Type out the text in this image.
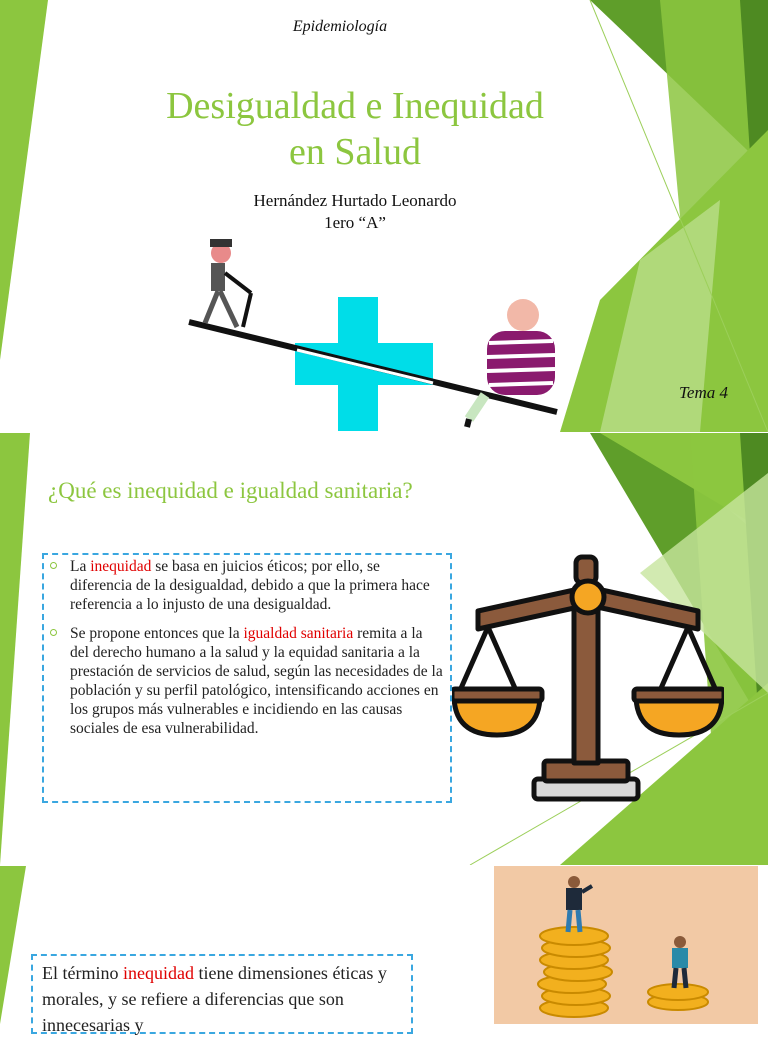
Epidemiología
Desigualdad e Inequidad
en Salud
Hernández Hurtado Leonardo
1ero “A”
Tema 4
¿Qué es inequidad e igualdad sanitaria?
La inequidad se basa en juicios éticos; por ello, se diferencia de la desigualdad, debido a que la primera hace referencia a lo injusto de una desigualdad.
Se propone entonces que la igualdad sanitaria remita a la del derecho humano a la salud y la equidad sanitaria a la prestación de servicios de salud, según las necesidades de la población y su perfil patológico, intensificando acciones en los grupos más vulnerables e incidiendo en las causas sociales de esa vulnerabilidad.
El término inequidad tiene dimensiones éticas y morales, y se refiere a diferencias que son innecesarias y
